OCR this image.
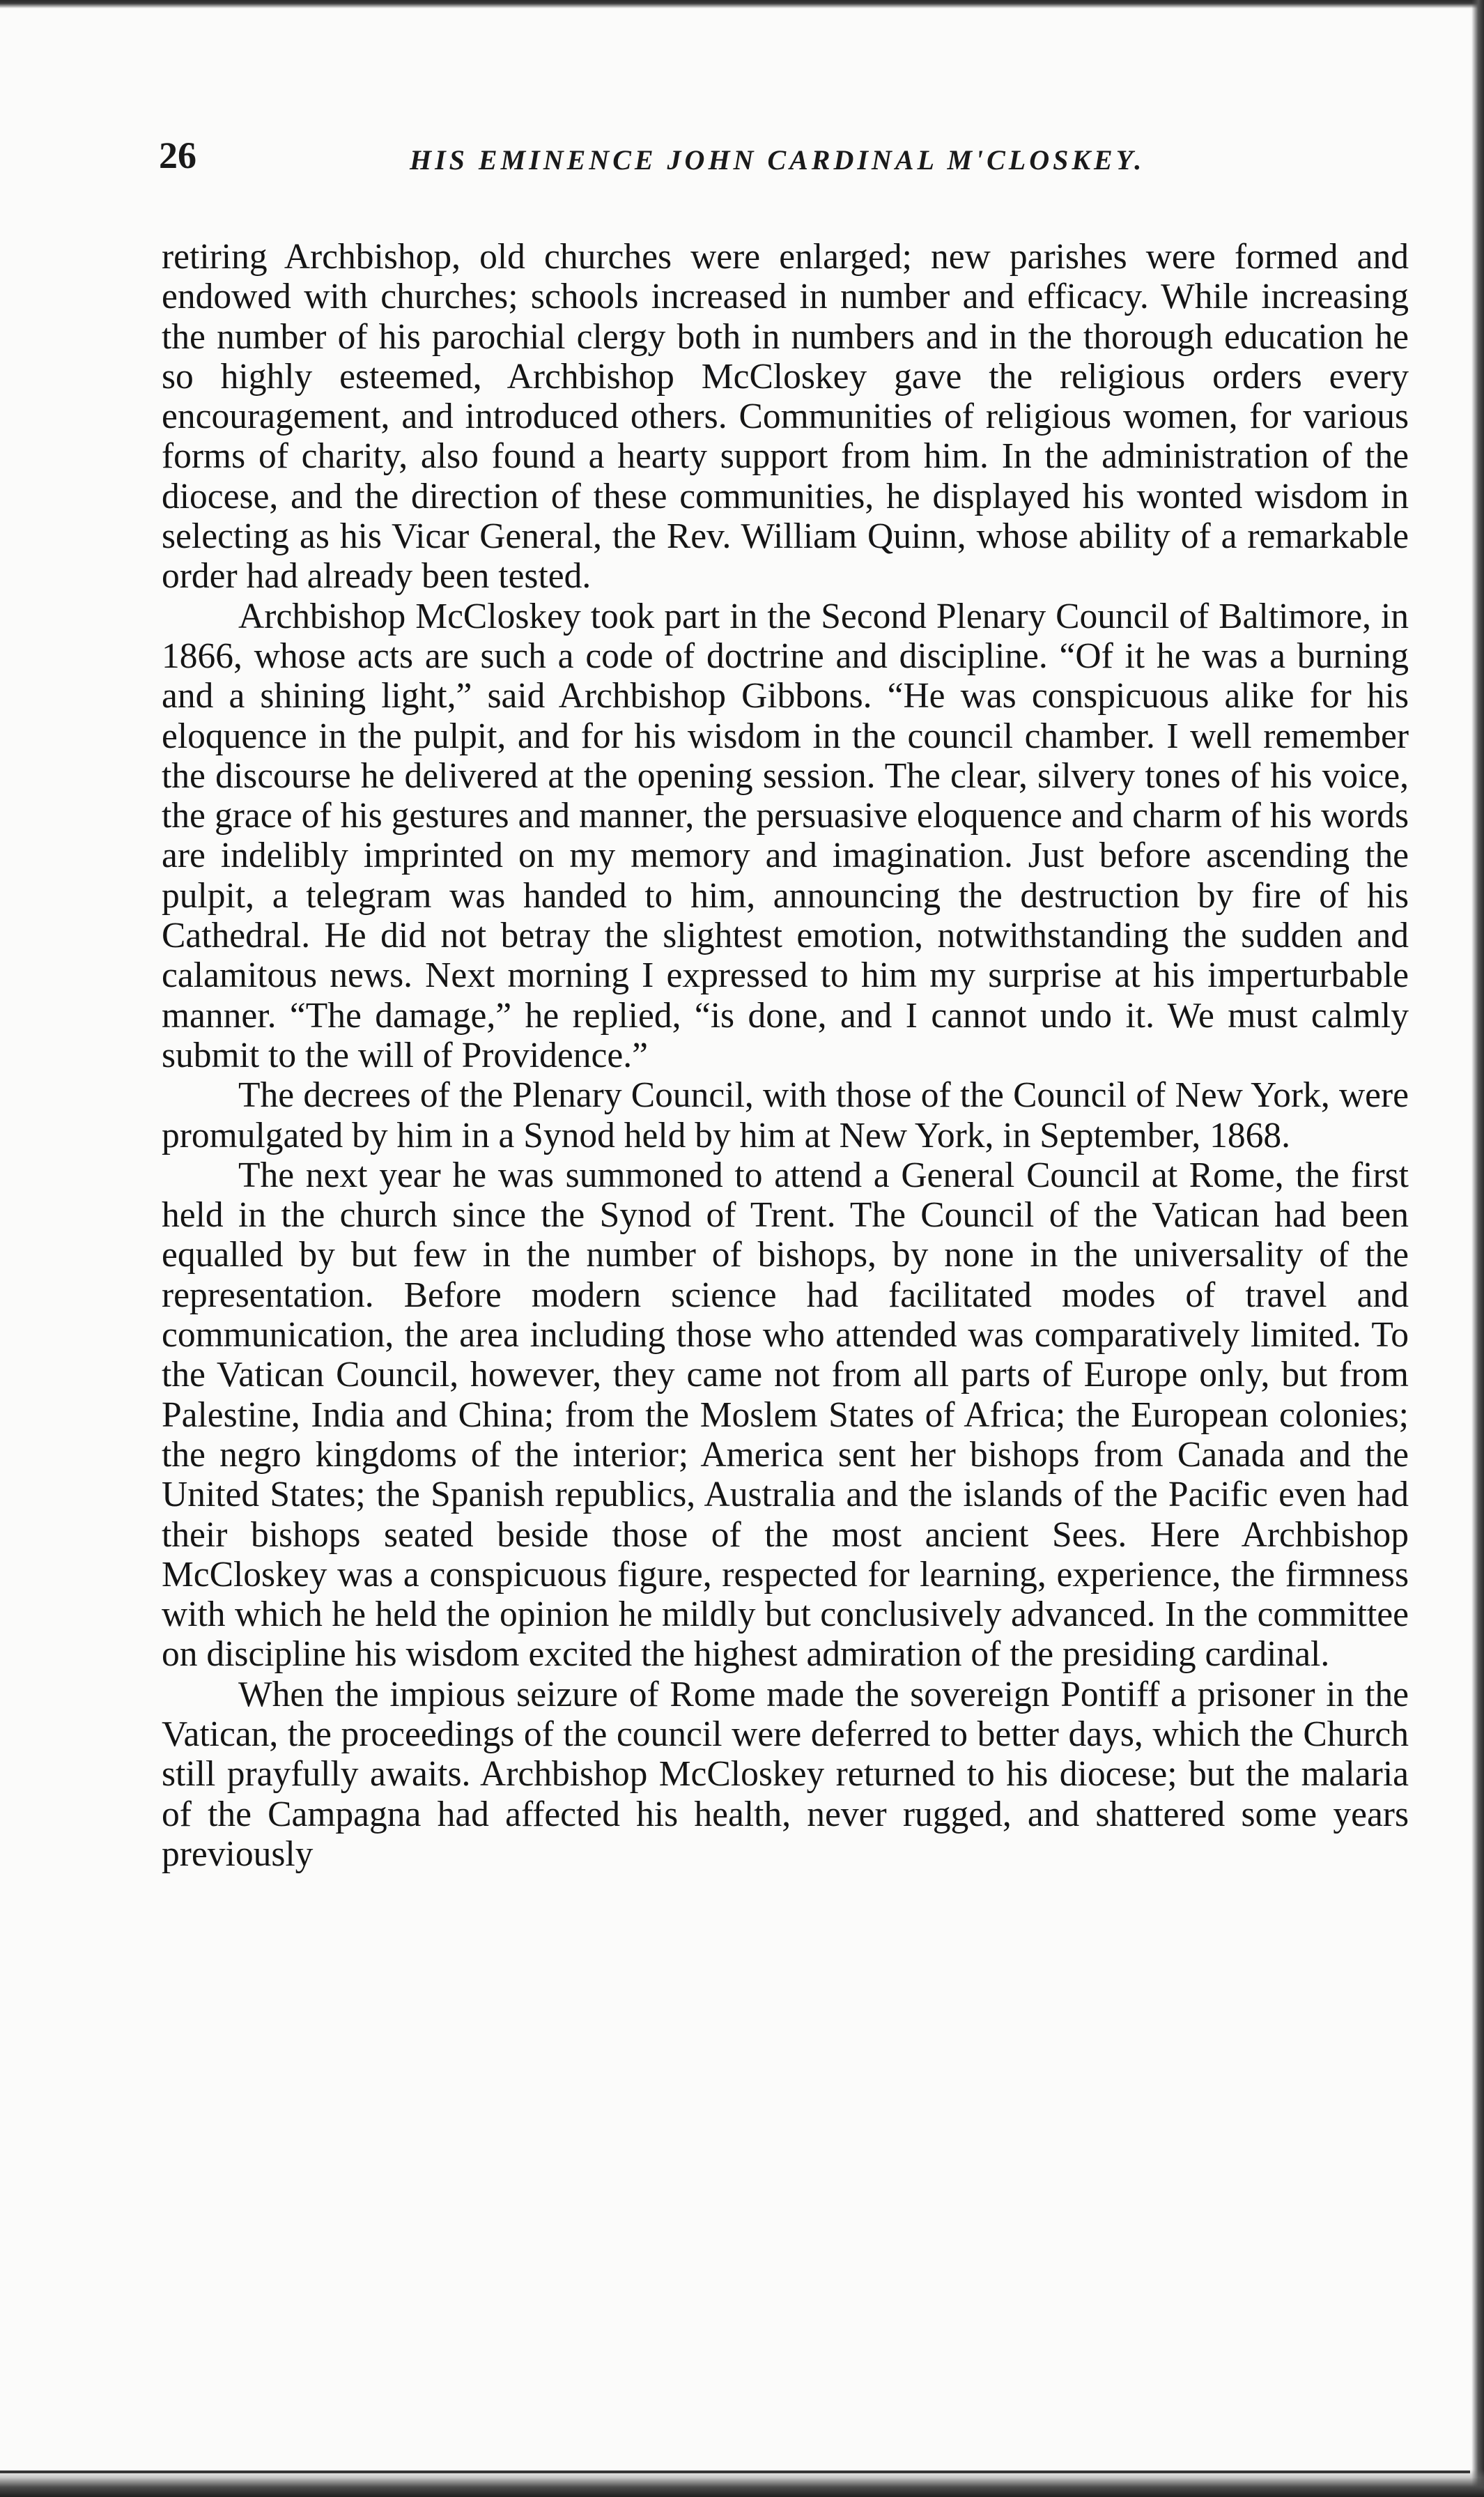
26	HIS EMINENCE JOHN CARDINAL M'CLOSKEY.

retiring Archbishop, old churches were enlarged; new parishes were formed and endowed with churches; schools increased in number and efficacy. While increasing the number of his parochial clergy both in numbers and in the thorough education he so highly esteemed, Archbishop McCloskey gave the religious orders every encouragement, and introduced others. Communities of religious women, for various forms of charity, also found a hearty support from him. In the administration of the diocese, and the direction of these communities, he displayed his wonted wisdom in selecting as his Vicar General, the Rev. William Quinn, whose ability of a remarkable order had already been tested.

Archbishop McCloskey took part in the Second Plenary Council of Baltimore, in 1866, whose acts are such a code of doctrine and discipline. “Of it he was a burning and a shining light,” said Archbishop Gibbons. “He was conspicuous alike for his eloquence in the pulpit, and for his wisdom in the council chamber. I well remember the discourse he delivered at the opening session. The clear, silvery tones of his voice, the grace of his gestures and manner, the persuasive eloquence and charm of his words are indelibly imprinted on my memory and imagination. Just before ascending the pulpit, a telegram was handed to him, announcing the destruction by fire of his Cathedral. He did not betray the slightest emotion, notwithstanding the sudden and calamitous news. Next morning I expressed to him my surprise at his imperturbable manner. “The damage,” he replied, “is done, and I cannot undo it. We must calmly submit to the will of Providence.”

The decrees of the Plenary Council, with those of the Council of New York, were promulgated by him in a Synod held by him at New York, in September, 1868.

The next year he was summoned to attend a General Council at Rome, the first held in the church since the Synod of Trent. The Council of the Vatican had been equalled by but few in the number of bishops, by none in the universality of the representation. Before modern science had facilitated modes of travel and communication, the area including those who attended was comparatively limited. To the Vatican Council, however, they came not from all parts of Europe only, but from Palestine, India and China; from the Moslem States of Africa; the European colonies; the negro kingdoms of the interior; America sent her bishops from Canada and the United States; the Spanish republics, Australia and the islands of the Pacific even had their bishops seated beside those of the most ancient Sees. Here Archbishop McCloskey was a conspicuous figure, respected for learning, experience, the firmness with which he held the opinion he mildly but conclusively advanced. In the committee on discipline his wisdom excited the highest admiration of the presiding cardinal.

When the impious seizure of Rome made the sovereign Pontiff a prisoner in the Vatican, the proceedings of the council were deferred to better days, which the Church still prayfully awaits. Archbishop McCloskey returned to his diocese; but the malaria of the Campagna had affected his health, never rugged, and shattered some years previously
